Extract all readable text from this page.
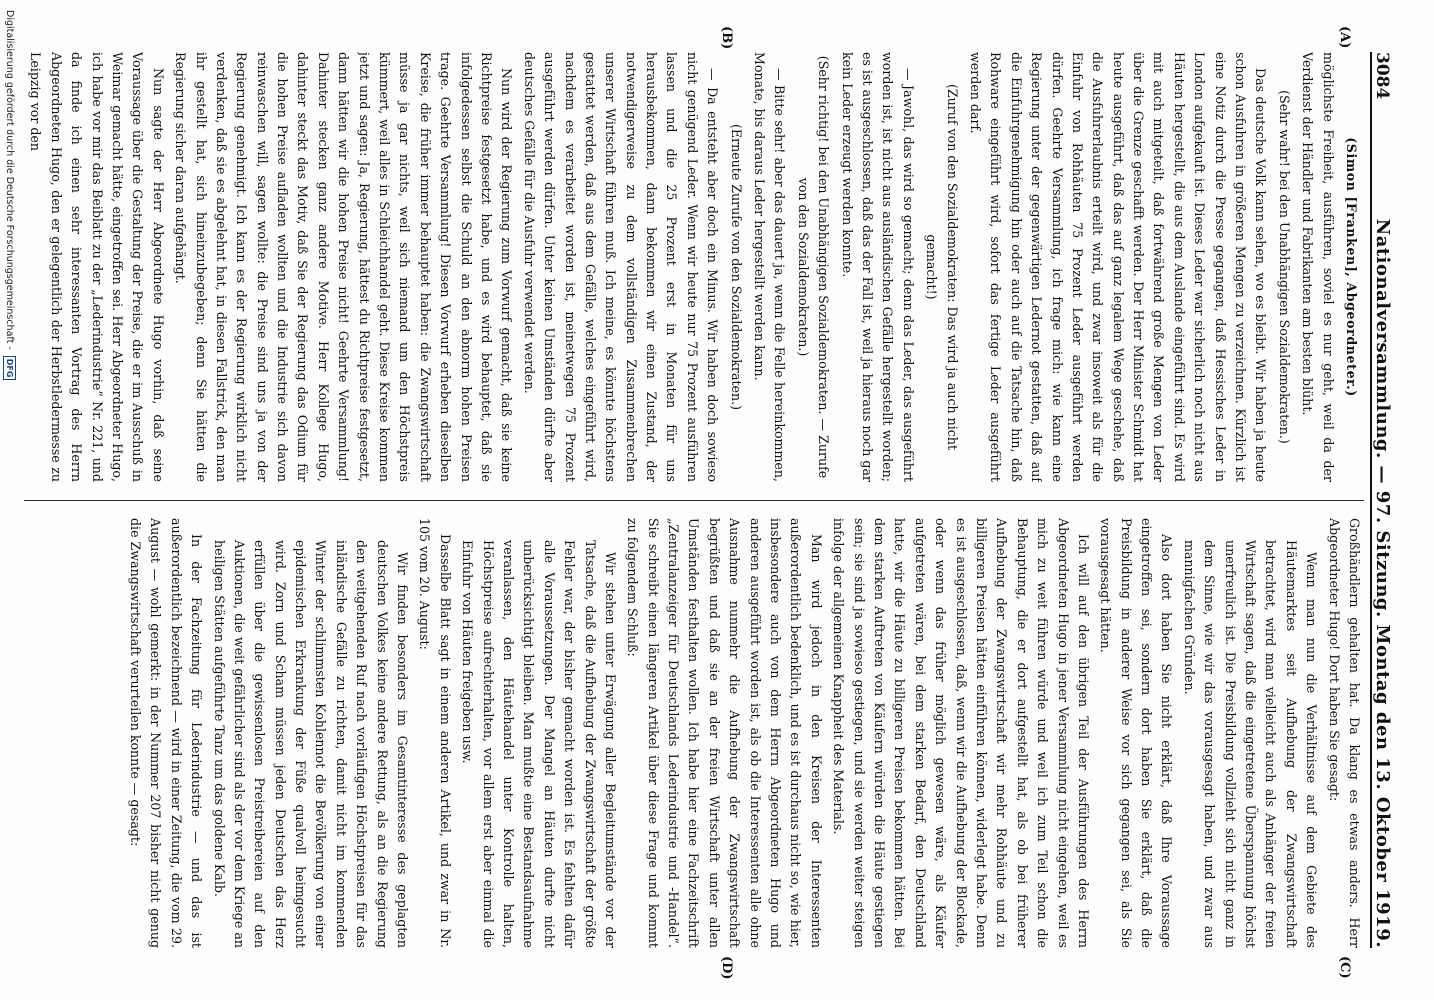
3084
Nationalversammlung. — 97. Sitzung. Montag den 13. Oktober 1919.
(A)
(B)
(C)
(D)

(Simon [Franken], Abgeordneter.)

möglichste Freiheit, ausführen, soviel es nur geht, weil da der Verdienst der Händler und Fabrikanten am besten blüht.

(Sehr wahr! bei den Unabhängigen Sozialdemokraten.)

Das deutsche Volk kann sehen, wo es bleibt. Wir haben ja heute schon Ausfuhren in größeren Mengen zu verzeichnen. Kürzlich ist eine Notiz durch die Presse gegangen, daß Hessisches Leder in London aufgekauft ist. Dieses Leder war sicherlich noch nicht aus Häuten hergestellt, die aus dem Auslande eingeführt sind. Es wird mit auch mitgeteilt, daß fortwährend große Mengen von Leder über die Grenze geschafft werden. Der Herr Minister Schmidt hat heute ausgeführt, daß das auf ganz legalem Wege geschehe, daß die Ausfuhrerlaubnis erteilt wird, und zwar insoweit als für die Einfuhr von Rohhäuten 75 Prozent Leder ausgeführt werden dürfen. Geehrte Versammlung, ich frage mich: wie kann eine Regierung unter der gegenwärtigen Ledernot gestatten, daß auf die Einfuhrgenehmigung hin oder auch auf die Tatsache hin, daß Rohware eingeführt wird, sofort das fertige Leder ausgeführt werden darf.

(Zuruf von den Sozialdemokraten: Das wird ja auch nicht gemacht!)

— Jawohl, das wird so gemacht; denn das Leder, das ausgeführt worden ist, ist nicht aus ausländischen Gefälle hergestellt worden; es ist ausgeschlossen, daß das der Fall ist, weil ja hieraus noch gar kein Leder erzeugt werden konnte.

(Sehr richtig! bei den Unabhängigen Sozialdemokraten. — Zurufe von den Sozialdemokraten.)

— Bitte sehr! aber das dauert ja, wenn die Felle hereinkommen, Monate, bis daraus Leder hergestellt werden kann.

(Erneute Zurufe von den Sozialdemokraten.)

— Da entsteht aber doch ein Minus. Wir haben doch sowieso nicht genügend Leder. Wenn wir heute nur 75 Prozent ausführen lassen und die 25 Prozent erst in Monaten für uns herausbekommen, dann bekommen wir einen Zustand, der notwendigerweise zu dem vollständigen Zusammenbrechen unserer Wirtschaft führen muß. Ich meine, es könnte höchstens gestattet werden, daß aus dem Gefälle, welches eingeführt wird, nachdem es verarbeitet worden ist, meinetwegen 75 Prozent ausgeführt werden dürfen. Unter keinen Umständen dürfte aber deutsches Gefälle für die Ausfuhr verwendet werden.

Nun wird der Regierung zum Vorwurf gemacht, daß sie keine Richtpreise festgesetzt habe, und es wird behauptet, daß sie infolgedessen selbst die Schuld an den abnorm hohen Preisen trage. Geehrte Versammlung! Diesen Vorwurf erheben dieselben Kreise, die früher immer behauptet haben: die Zwangswirtschaft müsse ja gar nichts, weil sich niemand um den Höchstpreis kümmert, weil alles in Schleichhandel geht. Diese Kreise kommen jetzt und sagen: Ja, Regierung, hättest du Richtpreise festgesetzt, dann hätten wir die hohen Preise nicht! Geehrte Versammlung! Dahinter stecken ganz andere Motive. Herr Kollege Hugo, dahinter steckt das Motiv, daß Sie der Regierung das Odium für die hohen Preise aufladen wollten und die Industrie sich davon reinwaschen will, sagen wollte: die Preise sind uns ja von der Regierung genehmigt. Ich kann es der Regierung wirklich nicht verdenken, daß sie es abgelehnt hat, in diesen Fallstrick, den man ihr gestellt hat, sich hineinzubegeben; denn Sie hätten die Regierung sicher daran aufgehängt.

Nun sagte der Herr Abgeordnete Hugo vorhin, daß seine Voraussage über die Gestaltung der Preise, die er im Ausschuß in Weimar gemacht hätte, eingetroffen sei. Herr Abgeordneter Hugo, ich habe vor mir das Beiblatt zu der „Lederindustrie“ Nr. 221, und da finde ich einen sehr interessanten Vortrag des Herrn Abgeordneten Hugo, den er gelegentlich der Herbstledermesse zu Leipzig vor den

Großhändlern gehalten hat. Da klang es etwas anders. Herr Abgeordneter Hugo! Dort haben Sie gesagt:

Wenn man nun die Verhältnisse auf dem Gebiete des Häutemarktes seit Aufhebung der Zwangswirtschaft betrachtet, wird man vielleicht auch als Anhänger der freien Wirtschaft sagen, daß die eingetretene Überspannung höchst unerfreulich ist. Die Preisbildung vollzieht sich nicht ganz in dem Sinne, wie wir das vorausgesagt haben, und zwar aus mannigfachen Gründen.

Also dort haben Sie nicht erklärt, daß Ihre Voraussage eingetroffen sei, sondern dort haben Sie erklärt, daß die Preisbildung in anderer Weise vor sich gegangen sei, als Sie vorausgesagt hätten.

Ich will auf den übrigen Teil der Ausführungen des Herrn Abgeordneten Hugo in jener Versammlung nicht eingehen, weil es mich zu weit führen würde und weil ich zum Teil schon die Behauptung, die er dort aufgestellt hat, als ob bei früherer Aufhebung der Zwangswirtschaft wir mehr Rohhäute und zu billigeren Preisen hätten einführen können, widerlegt habe. Denn es ist ausgeschlossen, daß, wenn wir die Aufhebung der Blockade, oder wenn das früher möglich gewesen wäre, als Käufer aufgetreten wären, bei dem starken Bedarf, den Deutschland hatte, wir die Häute zu billigeren Preisen bekommen hätten. Bei dem starken Auftreten von Käufern würden die Häute gestiegen sein; sie sind ja sowieso gestiegen, und sie werden weiter steigen infolge der allgemeinen Knappheit des Materials.

Man wird jedoch in den Kreisen der Interessenten außerordentlich bedenklich, und es ist durchaus nicht so, wie hier, insbesondere auch von dem Herrn Abgeordneten Hugo und anderen ausgeführt worden ist, als ob die Interessenten alle ohne Ausnahme nunmehr die Aufhebung der Zwangswirtschaft begrüßten und daß sie an der freien Wirtschaft unter allen Umständen festhalten wollen. Ich habe hier eine Fachzeitschrift „Zentralanzeiger für Deutschlands Lederindustrie und -Handel“. Sie schreibt einen längeren Artikel über diese Frage und kommt zu folgendem Schluß:

Wir stehen unter Erwägung aller Begleitumstände vor der Tatsache, daß die Aufhebung der Zwangswirtschaft der größte Fehler war, der bisher gemacht worden ist. Es fehlten dafür alle Voraussetzungen. Der Mangel an Häuten durfte nicht unberücksichtigt bleiben. Man mußte eine Bestandsaufnahme veranlassen, den Häutehandel unter Kontrolle halten, Höchstpreise aufrechterhalten, vor allem erst aber einmal die Einfuhr von Häuten freigeben usw.

Dasselbe Blatt sagt in einem anderen Artikel, und zwar in Nr. 105 vom 20. August:

Wir finden besonders im Gesamtinteresse des geplagten deutschen Volkes keine andere Rettung, als an die Regierung den weitgehenden Ruf nach vorläufigen Höchstpreisen für das inländische Gefälle zu richten, damit nicht im kommenden Winter der schlimmsten Kohlennot die Bevölkerung von einer epidemischen Erkrankung der Füße qualvoll heimgesucht wird. Zorn und Scham müssen jeden Deutschen das Herz erfüllen über die gewissenlosen Preistreibereien auf den Auktionen, die weit gefährlicher sind als der vor dem Kriege an heiligen Stätten aufgeführte Tanz um das goldene Kalb.

In der Fachzeitung für Lederindustrie — und das ist außerordentlich bezeichnend — wird in einer Zeitung, die vom 29. August — wohl gemerkt: in der Nummer 207 bisher nicht genug die Zwangswirtschaft verurteilen konnte — gesagt:

Digitalisierung gefördert durch die Deutsche Forschungsgemeinschaft -
DFG
